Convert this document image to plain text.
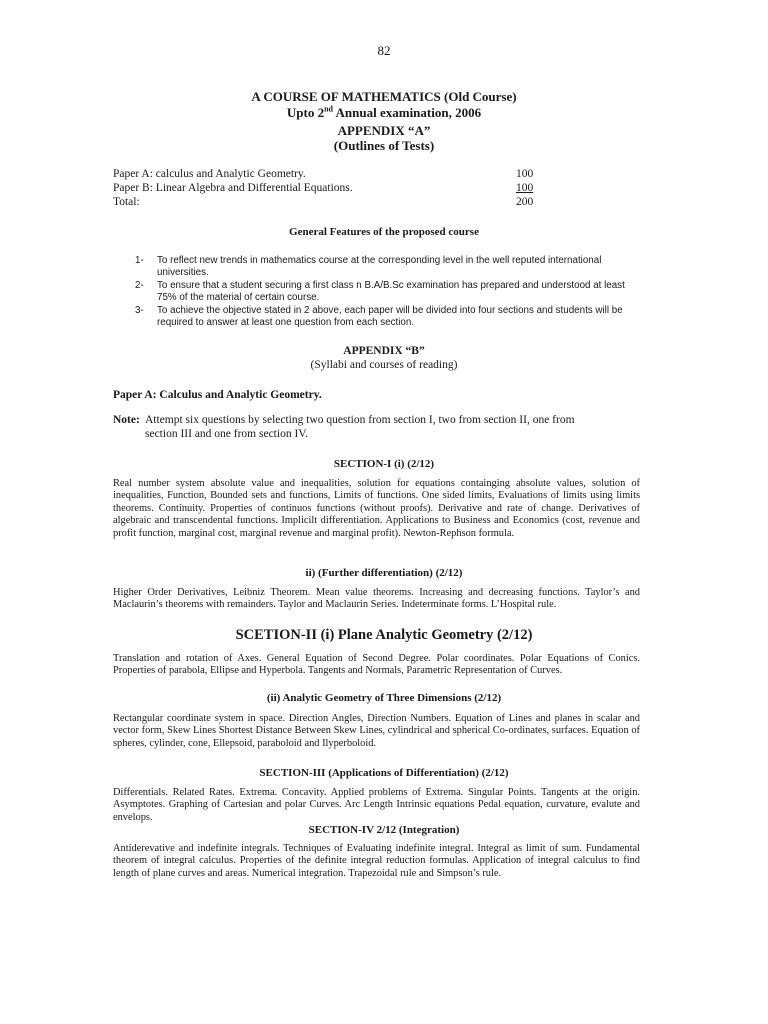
82
A COURSE OF MATHEMATICS (Old Course)
Upto 2nd Annual examination, 2006
APPENDIX “A”
(Outlines of Tests)
Paper A: calculus and Analytic Geometry.	100
Paper B: Linear Algebra and Differential Equations.	100
Total:	200
General Features of the proposed course
1- To reflect new trends in mathematics course at the corresponding level in the well reputed international universities.
2- To ensure that a student securing a first class n B.A/B.Sc examination has prepared and understood at least 75% of the material of certain course.
3- To achieve the objective stated in 2 above, each paper will be divided into four sections and students will be required to answer at least one question from each section.
APPENDIX “B”
(Syllabi and courses of reading)
Paper A: Calculus and Analytic Geometry.
Note: Attempt six questions by selecting two question from section I, two from section II, one from
section III and one from section IV.
SECTION-I (i) (2/12)
Real number system absolute value and inequalities, solution for equations containging absolute values, solution of inequalities, Function, Bounded sets and functions, Limits of functions. One sided limits, Evaluations of limits using limits theorems. Continuity. Properties of continuos functions (without proofs). Derivative and rate of change. Derivatives of algebraic and transcendental functions. Implicilt differentiation. Applications to Business and Economics (cost, revenue and profit function, marginal cost, marginal revenue and marginal profit). Newton-Rephson formula.
ii) (Further differentiation) (2/12)
Higher Order Derivatives, Leibniz Theorem. Mean value theorems. Increasing and decreasing functions. Taylor’s and Maclaurin’s theorems with remainders. Taylor and Maclaurin Series. Indeterminate forms. L’Hospital rule.
SCETION-II (i) Plane Analytic Geometry (2/12)
Translation and rotation of Axes. General Equation of Second Degree. Polar coordinates. Polar Equations of Conics. Properties of parabola, Ellipse and Hyperbola. Tangents and Normals, Parametric Representation of Curves.
(ii) Analytic Geometry of Three Dimensions (2/12)
Rectangular coordinate system in space. Direction Angles, Direction Numbers. Equation of Lines and planes in scalar and vector form, Skew Lines Shortest Distance Between Skew Lines, cylindrical and spherical Co-ordinates, surfaces. Equation of spheres, cylinder, cone, Ellepsoid, paraboloid and Ilyperboloid.
SECTION-III (Applications of Differentiation) (2/12)
Differentials. Related Rates. Extrema. Concavity. Applied problems of Extrema. Singular Points. Tangents at the origin. Asymptotes. Graphing of Cartesian and polar Curves. Arc Length Intrinsic equations Pedal equation, curvature, evalute and envelops.
SECTION-IV 2/12 (Integration)
Antiderevative and indefinite integrals. Techniques of Evaluating indefinite integral. Integral as limit of sum. Fundamental theorem of integral calculus. Properties of the definite integral reduction formulas. Application of integral calculus to find length of plane curves and areas. Numerical integration. Trapezoidal rule and Simpson’s rule.
